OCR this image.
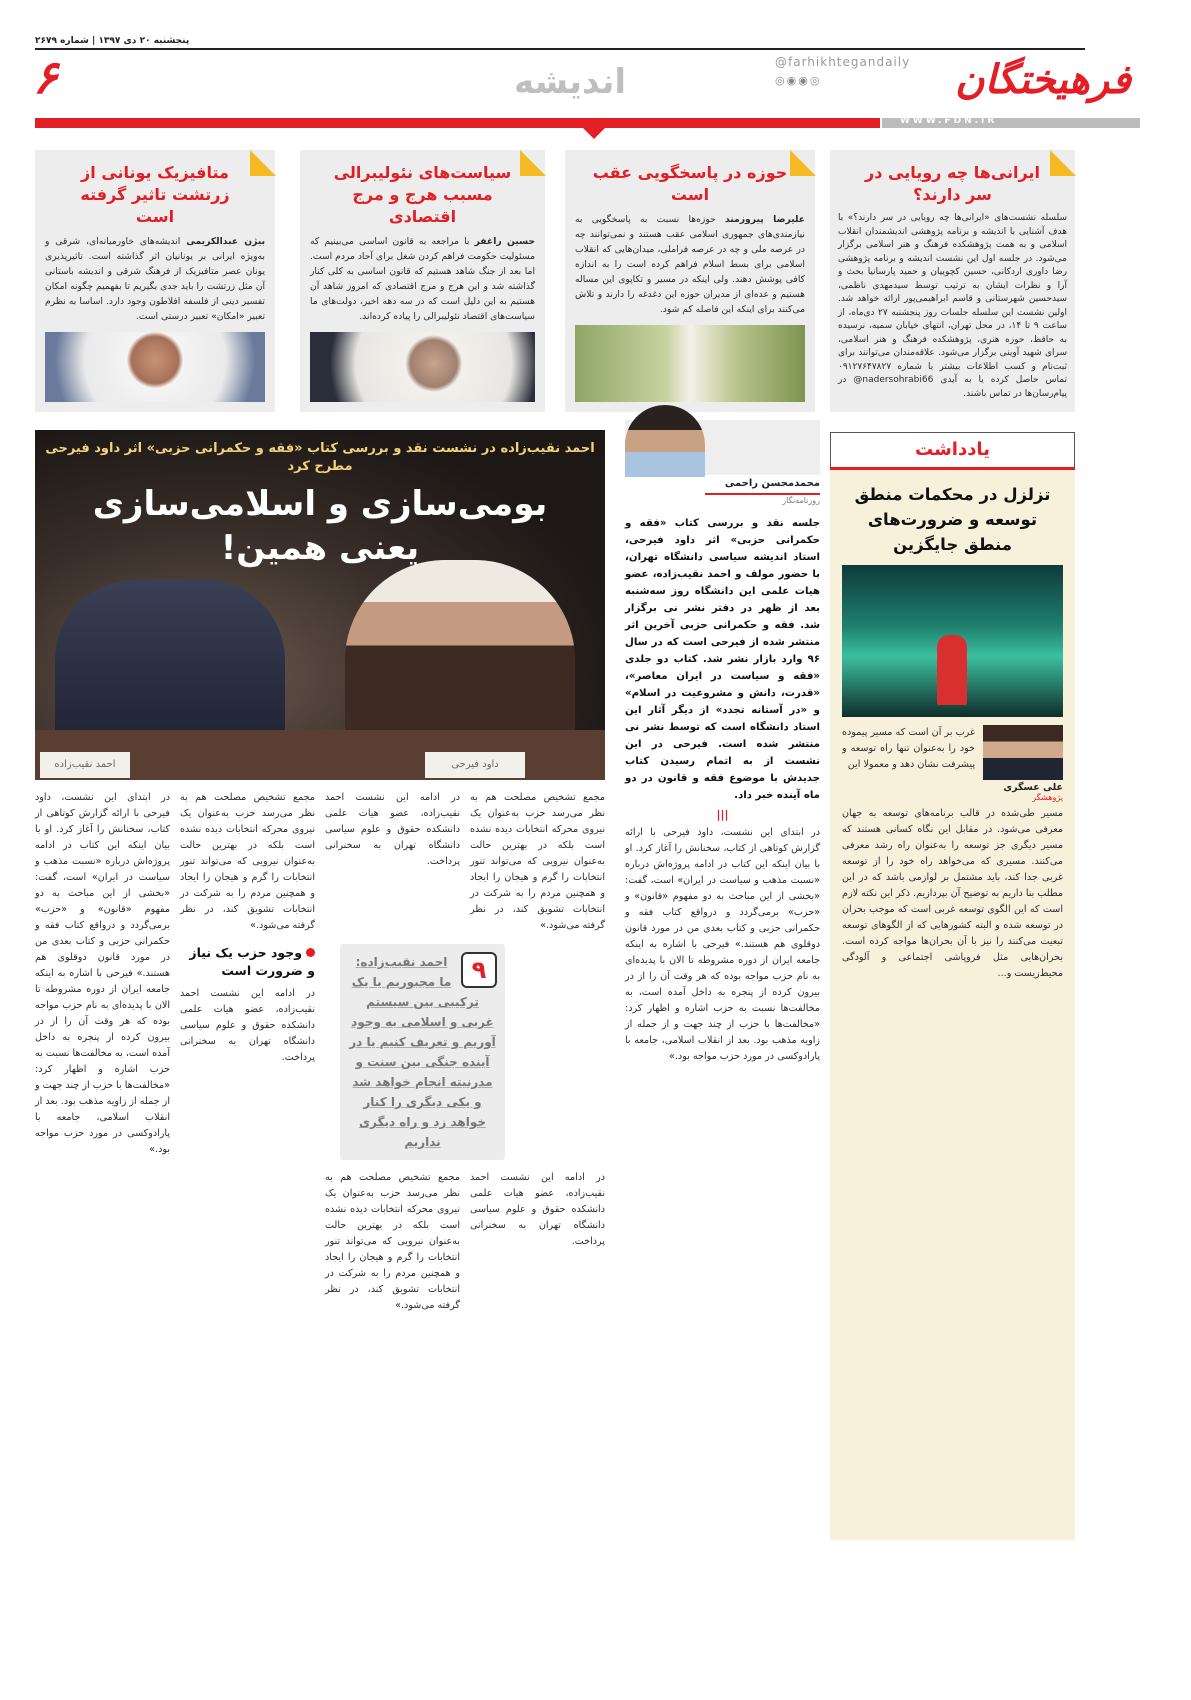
پنجشنبه ۲۰ دی ۱۳۹۷ | شماره ۲۶۷۹
فرهیختگان
@farhikhtegandaily
◎◉◉◎
اندیشه
۶
WWW.FDN.IR
ایرانی‌ها چه رویایی در سر دارند؟
سلسله نشست‌های «ایرانی‌ها چه رویایی در سر دارند؟» با هدف آشنایی با اندیشه و برنامه پژوهشی اندیشمندان انقلاب اسلامی و به همت پژوهشکده فرهنگ و هنر اسلامی برگزار می‌شود. در جلسه اول این نشست اندیشه و برنامه پژوهشی رضا داوری اردکانی، حسین کچوییان و حمید پارسانیا بحث و آرا و نظرات ایشان به ترتیب توسط سیدمهدی ناظمی، سیدحسین شهرستانی و قاسم ابراهیمی‌پور ارائه خواهد شد. اولین نشست این سلسله جلسات روز پنجشنبه ۲۷ دی‌ماه، از ساعت ۹ تا ۱۴، در محل تهران، انتهای خیابان سمیه، نرسیده به حافظ، حوزه هنری، پژوهشکده فرهنگ و هنر اسلامی، سرای شهید آوینی برگزار می‌شود. علاقه‌مندان می‌توانند برای ثبت‌نام و کسب اطلاعات بیشتر با شماره ۰۹۱۲۷۶۴۷۸۲۷ تماس حاصل کرده یا به آیدی nadersohrabi66@ در پیام‌رسان‌ها در تماس باشند.
حوزه در پاسخگویی عقب است
علیرضا پیروزمند حوزه‌ها نسبت به پاسخگویی به نیازمندی‌های جمهوری اسلامی عقب هستند و نمی‌توانند چه در عرصه ملی و چه در عرصه فراملی، میدان‌هایی که انقلاب اسلامی برای بسط اسلام فراهم کرده است را به اندازه کافی پوشش دهند. ولی اینکه در مسیر و تکاپوی این مساله هستیم و عده‌ای از مدیران حوزه این دغدغه را دارند و تلاش می‌کنند برای اینکه این فاصله کم شود.
سیاست‌های نئولیبرالی مسبب هرج و مرج اقتصادی
حسین راغفر با مراجعه به قانون اساسی می‌بینیم که مسئولیت حکومت فراهم کردن شغل برای آحاد مردم است. اما بعد از جنگ شاهد هستیم که قانون اساسی به کلی کنار گذاشته شد و این هرج و مرج اقتصادی که امروز شاهد آن هستیم به این دلیل است که در سه دهه اخیر، دولت‌های ما سیاست‌های اقتصاد نئولیبرالی را پیاده کرده‌اند.
متافیزیک یونانی از زرتشت تاثیر گرفته است
بیژن عبدالکریمی اندیشه‌های خاورمیانه‌ای، شرقی و به‌ویژه ایرانی بر یونانیان اثر گذاشته است. تاثیرپذیری یونان عصر متافیزیک از فرهنگ شرقی و اندیشه باستانی آن مثل زرتشت را باید جدی بگیریم تا بفهمیم چگونه امکان تفسیر دینی از فلسفه افلاطون وجود دارد. اساسا به نظرم تعبیر «امکان» تعبیر درستی است.
احمد نقیب‌زاده در نشست نقد و بررسی کتاب «فقه و حکمرانی حزبی» اثر داود فیرحی مطرح کرد
بومی‌سازی و اسلامی‌سازی
یعنی همین!
احمد نقیب‌زاده	داود فیرحی
محمدمحسن راحمی
روزنامه‌نگار
جلسه نقد و بررسی کتاب «فقه و حکمرانی حزبی» اثر داود فیرحی، استاد اندیشه سیاسی دانشگاه تهران، با حضور مولف و احمد نقیب‌زاده، عضو هیات علمی این دانشگاه روز سه‌شنبه بعد از ظهر در دفتر نشر نی برگزار شد. فقه و حکمرانی حزبی آخرین اثر منتشر شده از فیرحی است که در سال ۹۶ وارد بازار نشر شد. کتاب دو جلدی «فقه و سیاست در ایران معاصر»، «قدرت، دانش و مشروعیت در اسلام» و «در آستانه تجدد» از دیگر آثار این استاد دانشگاه است که توسط نشر نی منتشر شده است. فیرحی در این نشست از به اتمام رسیدن کتاب جدیدش با موضوع فقه و قانون در دو ماه آینده خبر داد.
|||
در ابتدای این نشست، داود فیرحی با ارائه گزارش کوتاهی از کتاب، سخنانش را آغاز کرد. او با بیان اینکه این کتاب در ادامه پروژه‌اش درباره «نسبت مذهب و سیاست در ایران» است، گفت: «بخشی از این مباحث به دو مفهوم «قانون» و «حزب» برمی‌گردد و درواقع کتاب فقه و حکمرانی حزبی و کتاب بعدی من در مورد قانون دوقلوی هم هستند.» فیرحی با اشاره به اینکه جامعه ایران از دوره مشروطه تا الان با پدیده‌ای به نام حزب مواجه بوده که هر وقت آن را از در بیرون کرده از پنجره به داخل آمده است، به مخالفت‌ها نسبت به حزب اشاره و اظهار کرد: «مخالفت‌ها با حزب از چند جهت و از جمله از زاویه مذهب بود. بعد از انقلاب اسلامی، جامعه با پارادوکسی در مورد حزب مواجه بود.»
مجمع تشخیص مصلحت هم به نظر می‌رسد حزب به‌عنوان یک نیروی محرکه انتخابات دیده نشده است بلکه در بهترین حالت به‌عنوان نیرویی که می‌تواند تنور انتخابات را گرم و هیجان را ایجاد و همچنین مردم را به شرکت در انتخابات تشویق کند، در نظر گرفته می‌شود.»
در ادامه این نشست احمد نقیب‌زاده، عضو هیات علمی دانشکده حقوق و علوم سیاسی دانشگاه تهران به سخنرانی پرداخت.
٩
احمد نقیب‌زاده: ما مجبوریم یا یک ترکیبی بین سیستم غربی و اسلامی به وجود آوریم و تعریف کنیم یا در آینده جنگی بین سنت و مدرنیته انجام خواهد شد و یکی دیگری را کنار خواهد زد و راه دیگری نداریم
در ادامه این نشست احمد نقیب‌زاده، عضو هیات علمی دانشکده حقوق و علوم سیاسی دانشگاه تهران به سخنرانی پرداخت.
مجمع تشخیص مصلحت هم به نظر می‌رسد حزب به‌عنوان یک نیروی محرکه انتخابات دیده نشده است بلکه در بهترین حالت به‌عنوان نیرویی که می‌تواند تنور انتخابات را گرم و هیجان را ایجاد و همچنین مردم را به شرکت در انتخابات تشویق کند، در نظر گرفته می‌شود.»
مجمع تشخیص مصلحت هم به نظر می‌رسد حزب به‌عنوان یک نیروی محرکه انتخابات دیده نشده است بلکه در بهترین حالت به‌عنوان نیرویی که می‌تواند تنور انتخابات را گرم و هیجان را ایجاد و همچنین مردم را به شرکت در انتخابات تشویق کند، در نظر گرفته می‌شود.»
وجود حزب یک نیاز و ضرورت است
در ادامه این نشست احمد نقیب‌زاده، عضو هیات علمی دانشکده حقوق و علوم سیاسی دانشگاه تهران به سخنرانی پرداخت.
در ابتدای این نشست، داود فیرحی با ارائه گزارش کوتاهی از کتاب، سخنانش را آغاز کرد. او با بیان اینکه این کتاب در ادامه پروژه‌اش درباره «نسبت مذهب و سیاست در ایران» است، گفت: «بخشی از این مباحث به دو مفهوم «قانون» و «حزب» برمی‌گردد و درواقع کتاب فقه و حکمرانی حزبی و کتاب بعدی من در مورد قانون دوقلوی هم هستند.» فیرحی با اشاره به اینکه جامعه ایران از دوره مشروطه تا الان با پدیده‌ای به نام حزب مواجه بوده که هر وقت آن را از در بیرون کرده از پنجره به داخل آمده است، به مخالفت‌ها نسبت به حزب اشاره و اظهار کرد: «مخالفت‌ها با حزب از چند جهت و از جمله از زاویه مذهب بود. بعد از انقلاب اسلامی، جامعه با پارادوکسی در مورد حزب مواجه بود.»
یادداشت
تزلزل در محکمات منطق توسعه و ضرورت‌های منطق جایگزین
علی عسگری
پژوهشگر
غرب بر آن است که مسیر پیموده خود را به‌عنوان تنها راه توسعه و پیشرفت نشان دهد و معمولا این
مسیر طی‌شده در قالب برنامه‌های توسعه به جهان معرفی می‌شود. در مقابل این نگاه کسانی هستند که مسیر دیگری جز توسعه را به‌عنوان راه رشد معرفی می‌کنند. مسیری که می‌خواهد راه خود را از توسعه غربی جدا کند، باید مشتمل بر لوازمی باشد که در این مطلب بنا داریم به توضیح آن بپردازیم. ذکر این نکته لازم است که این الگوی توسعه غربی است که موجب بحران در توسعه شده و البته کشورهایی که از الگوهای توسعه تبعیت می‌کنند را نیز با آن بحران‌ها مواجه کرده است. بحران‌هایی مثل فروپاشی اجتماعی و آلودگی محیط‌زیست و...
